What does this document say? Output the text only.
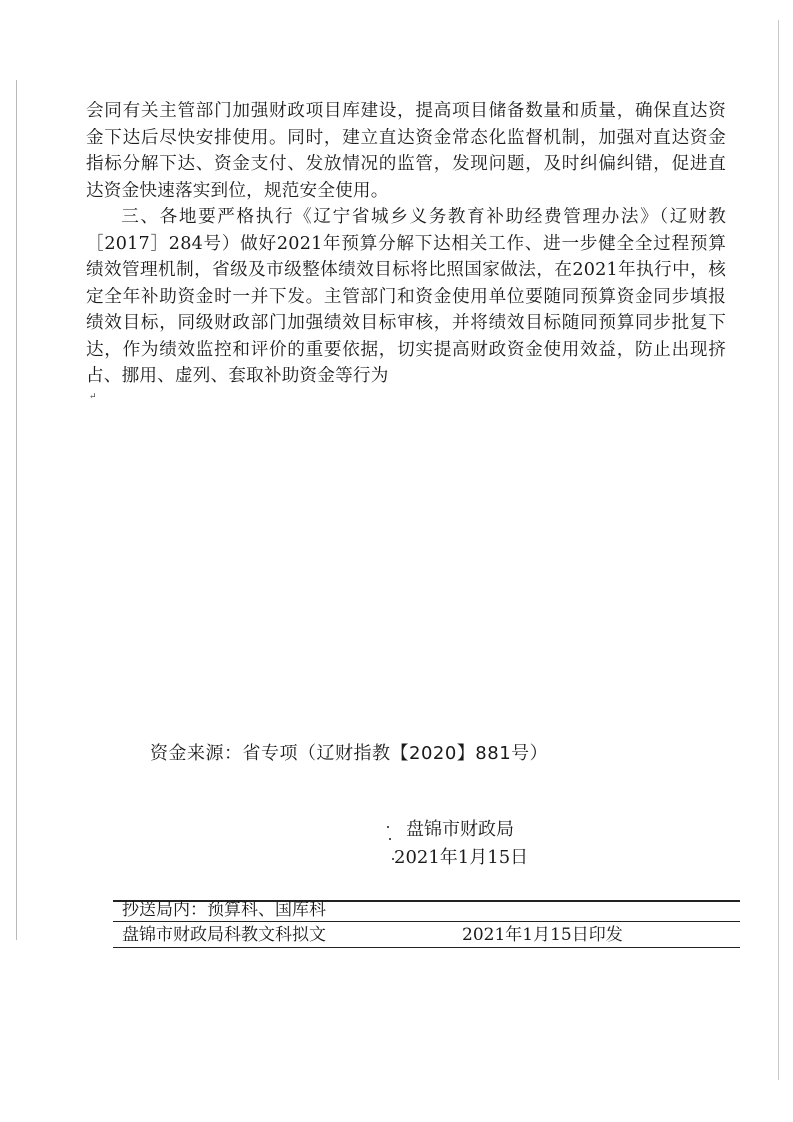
会同有关主管部门加强财政项目库建设，提高项目储备数量和质量，确保直达资金下达后尽快安排使用。同时，建立直达资金常态化监督机制，加强对直达资金指标分解下达、资金支付、发放情况的监管，发现问题，及时纠偏纠错，促进直达资金快速落实到位，规范安全使用。

三、各地要严格执行《辽宁省城乡义务教育补助经费管理办法》（辽财教［2017］284号）做好2021年预算分解下达相关工作、进一步健全全过程预算绩效管理机制，省级及市级整体绩效目标将比照国家做法，在2021年执行中，核定全年补助资金时一并下发。主管部门和资金使用单位要随同预算资金同步填报绩效目标，同级财政部门加强绩效目标审核，并将绩效目标随同预算同步批复下达，作为绩效监控和评价的重要依据，切实提高财政资金使用效益，防止出现挤占、挪用、虚列、套取补助资金等行为

↵
资金来源：省专项（辽财指教【2020】881号）
盘锦市财政局
2021年1月15日
抄送局内：预算科、国库科
盘锦市财政局科教文科拟文	2021年1月15日印发
